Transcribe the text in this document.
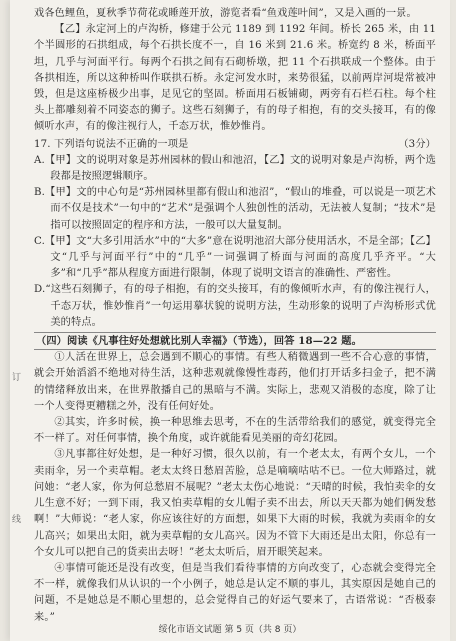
订
线

戏各色鲤鱼，夏秋季节荷花或睡莲开放，游览者看“鱼戏莲叶间”，又是入画的一景。

【乙】永定河上的卢沟桥，修建于公元 1189 到 1192 年间。桥长 265 米，由 11 个半圆形的石拱组成，每个石拱长度不一，自 16 米到 21.6 米。桥宽约 8 米，桥面平坦，几乎与河面平行。每两个石拱之间有石砌桥墩，把 11 个石拱联成一个整体。由于各拱相连，所以这种桥叫作联拱石桥。永定河发水时，来势很猛，以前两岸河堤常被冲毁，但是这座桥极少出事，足见它的坚固。桥面用石板铺砌，两旁有石栏石柱。每个柱头上都雕刻着不同姿态的狮子。这些石刻狮子，有的母子相抱，有的交头接耳，有的像倾听水声，有的像注视行人，千态万状，惟妙惟肖。

17. 下列语句说法不正确的一项是	（3分）

A.【甲】文的说明对象是苏州园林的假山和池沼，【乙】文的说明对象是卢沟桥，两个选段都是按照逻辑顺序。

B.【甲】文的中心句是“苏州园林里都有假山和池沼”，“假山的堆叠，可以说是一项艺术而不仅是技术”一句中的“艺术”是强调个人独创性的活动，无法被人复制；“技术”是指可以按照固定的程序和方法，一般可以大量复制。

C.【甲】文“大多引用活水”中的“大多”意在说明池沼大部分使用活水，不是全部；【乙】文“几乎与河面平行”中的“几乎”一词强调了桥面与河面的高度几乎齐平。“大多”和“几乎”都从程度方面进行限制，体现了说明文语言的准确性、严密性。

D.“这些石刻狮子，有的母子相抱，有的交头接耳，有的像倾听水声，有的像注视行人，千态万状，惟妙惟肖”一句运用摹状貌的说明方法，生动形象的说明了卢沟桥形式优美的特点。

（四）阅读《凡事往好处想就比别人幸福》（节选），回答 18—22 题。

①人活在世界上，总会遇到不顺心的事情。有些人稍微遇到一些不合心意的事情，就会开始滔滔不绝地对待生活，这种悲观就像慢性毒药，他们打开话多扫金子，把不满的情绪释放出来，在世界散播自己的黑暗与不满。实际上，悲观又消极的态度，除了让一个人变得更糟糕之外，没有任何好处。

②其实，许多时候，换一种思维去思考，不在的生活带给我们的感觉，就变得完全不一样了。对任何事情，换个角度，或许就能看见美丽的奇幻花园。

③凡事都往好处想，是一种好习惯，很久以前，有一个老太太，有两个女儿，一个卖雨伞，另一个卖草帽。老太太终日愁眉苦脸，总是嘀嘀咕咕不已。一位大师路过，就问她：“老人家，你为何总愁眉不展呢？”老太太伤心地说：“天晴的时候，我怕卖伞的女儿生意不好；一到下雨，我又怕卖草帽的女儿帽子卖不出去，所以天天都为她们俩发愁啊！”大师说：“老人家，你应该往好的方面想，如果下大雨的时候，我就为卖雨伞的女儿高兴；如果出太阳，就为卖草帽的女儿高兴。因为不管下大雨还是出太阳，你总有一个女儿可以把自己的货卖出去呀！”老太太听后，眉开眼笑起来。

④事情可能还是没有改变，但是当我们看待事情的方向改变了，心态就会变得完全不一样，就像我们从认识的一个小例子，她总是认定不顺的事儿，其实原因是她自己的问题，不是她总是不顺心里想的，总会觉得自己的好运气要来了，古语常说：“否极泰来。”

绥化市语文试题 第 5 页（共 8 页）
